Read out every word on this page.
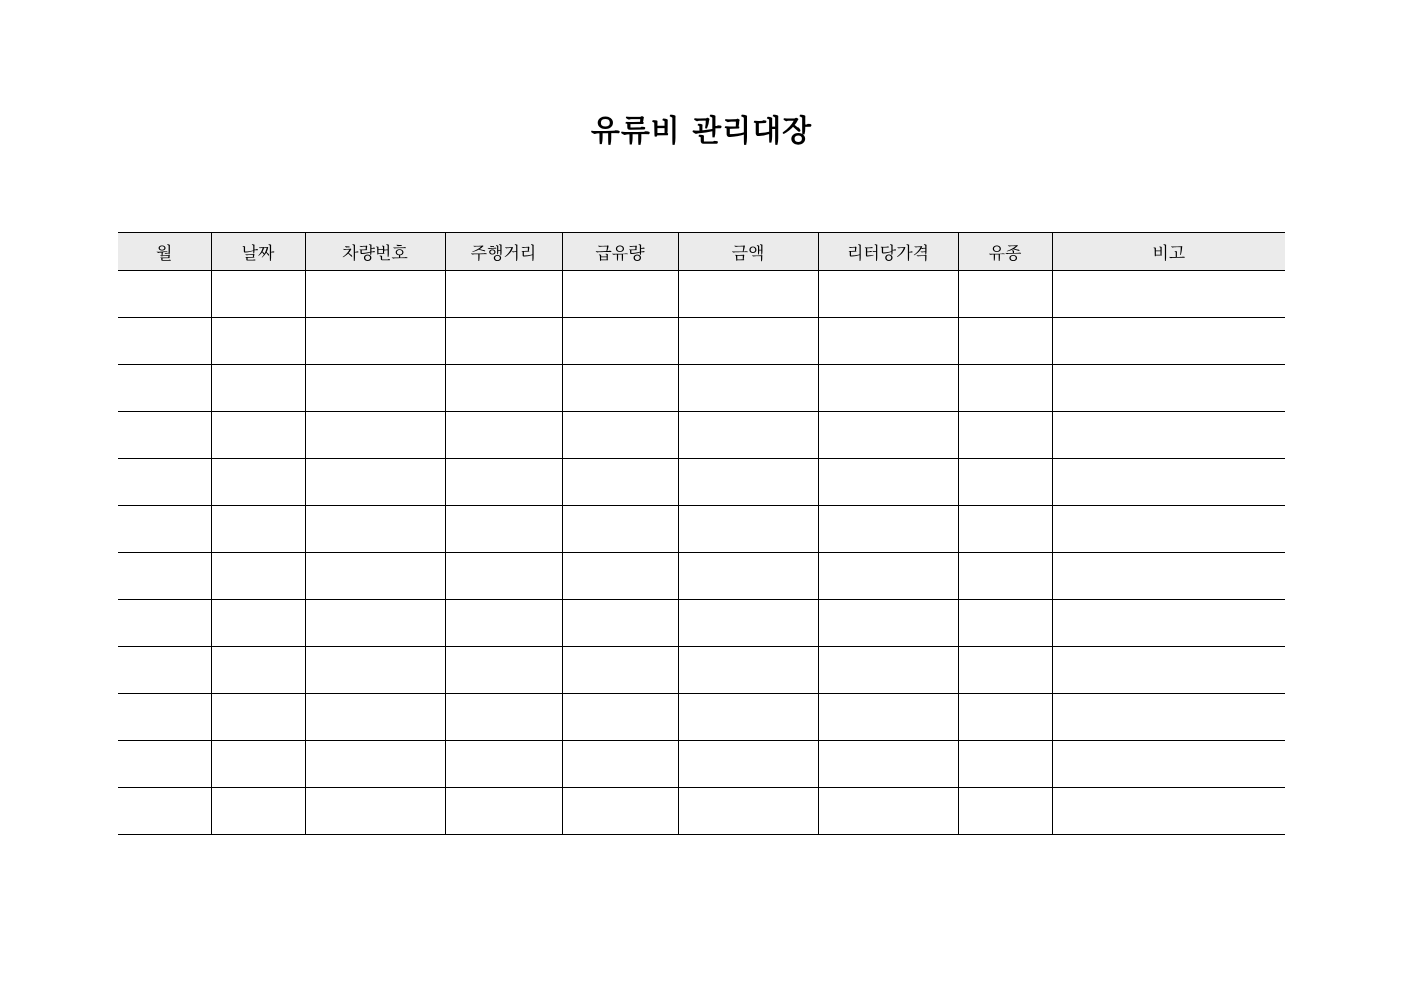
유류비 관리대장
월	날짜	차량번호	주행거리	급유량	금액	리터당가격	유종	비고
